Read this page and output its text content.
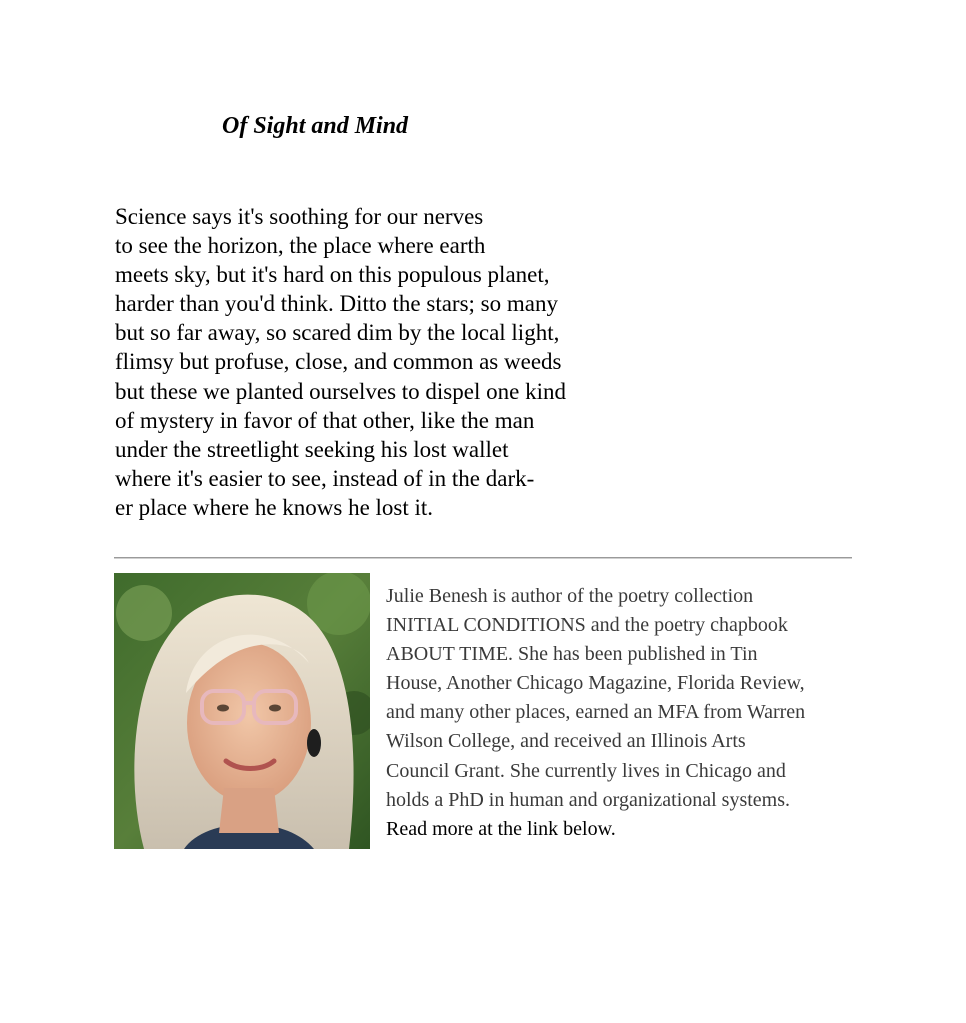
Of Sight and Mind
Science says it's soothing for our nerves
to see the horizon, the place where earth
meets sky, but it's hard on this populous planet,
harder than you'd think. Ditto the stars; so many
but so far away, so scared dim by the local light,
flimsy but profuse, close, and common as weeds
but these we planted ourselves to dispel one kind
of mystery in favor of that other, like the man
under the streetlight seeking his lost wallet
where it's easier to see, instead of in the dark-
er place where he knows he lost it.
Julie Benesh is author of the poetry collection
INITIAL CONDITIONS and the poetry chapbook
ABOUT TIME. She has been published in Tin
House, Another Chicago Magazine, Florida Review,
and many other places, earned an MFA from Warren
Wilson College, and received an Illinois Arts
Council Grant. She currently lives in Chicago and
holds a PhD in human and organizational systems.
Read more at the link below.
